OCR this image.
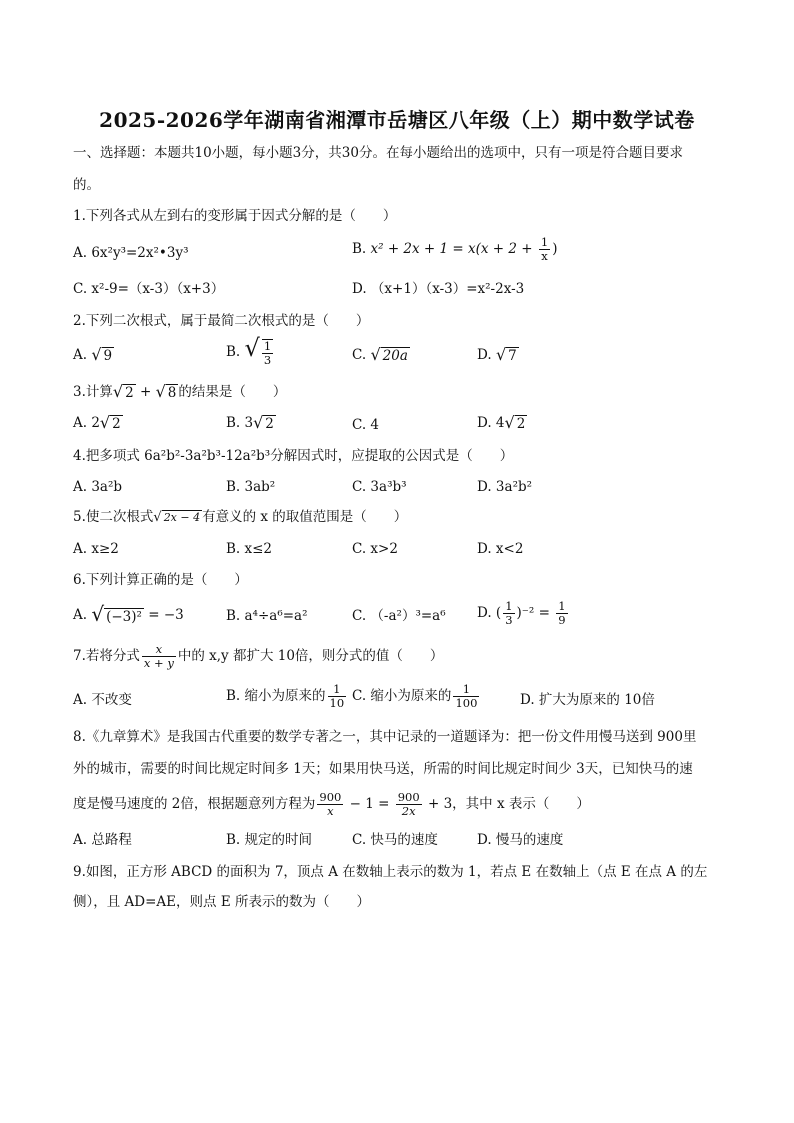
2025-2026学年湖南省湘潭市岳塘区八年级（上）期中数学试卷
一、选择题：本题共10小题，每小题3分，共30分。在每小题给出的选项中，只有一项是符合题目要求
的。
1.下列各式从左到右的变形属于因式分解的是（　　）
A. 6x²y³=2x²•3y³	B. $x^2 + 2x + 1 = x(x + 2 + \frac{1}{x}$ )
C. x²-9=（x-3）（x+3）	D. （x+1）（x-3）=x²-2x-3
2.下列二次根式，属于最简二次根式的是（　　）
A. √ 9	B. √ $\frac{1}{3}$	C. √ 20a	D. √ 7
3.计算√ 2 + √ 8 的结果是（　　）
A. 2√ 2	B. 3√ 2	C. 4	D. 4√ 2
4.把多项式 6a²b²-3a²b³-12a²b³分解因式时，应提取的公因式是（　　）
A. 3a²b	B. 3ab²	C. 3a³b³	D. 3a²b²
5.使二次根式√ 2x − 4 有意义的 x 的取值范围是（　　）
A. x≥2	B. x≤2	C. x>2	D. x<2
6.下列计算正确的是（　　）
A. √ (−3)² = −3	B. a⁴÷a⁶=a²	C. （-a²）³=a⁶ D. ( $\frac{1}{3} )^{-2} = \frac{1}{9}$
7.若将分式 $\frac{x}{x + y}$ 中的 x,y 都扩大 10倍，则分式的值（　　）
A. 不改变	B. 缩小为原来的 $\frac{1}{10} C$. 缩小为原来的 $\frac{1}{100}$	D. 扩大为原来的 10倍
8.《九章算术》是我国古代重要的数学专著之一，其中记录的一道题译为：把一份文件用慢马送到 900里
外的城市，需要的时间比规定时间多 1天；如果用快马送，所需的时间比规定时间少 3天，已知快马的速
度是慢马速度的 2倍，根据题意列方程为 $\frac{900}{x} - 1 = \frac{900}{2x} + 3$，其中 x 表示（　　）
A. 总路程	B. 规定的时间	C. 快马的速度	D. 慢马的速度
9.如图，正方形 ABCD 的面积为 7，顶点 A 在数轴上表示的数为 1，若点 E 在数轴上（点 E 在点 A 的左
侧），且 AD=AE，则点 E 所表示的数为（　　）
